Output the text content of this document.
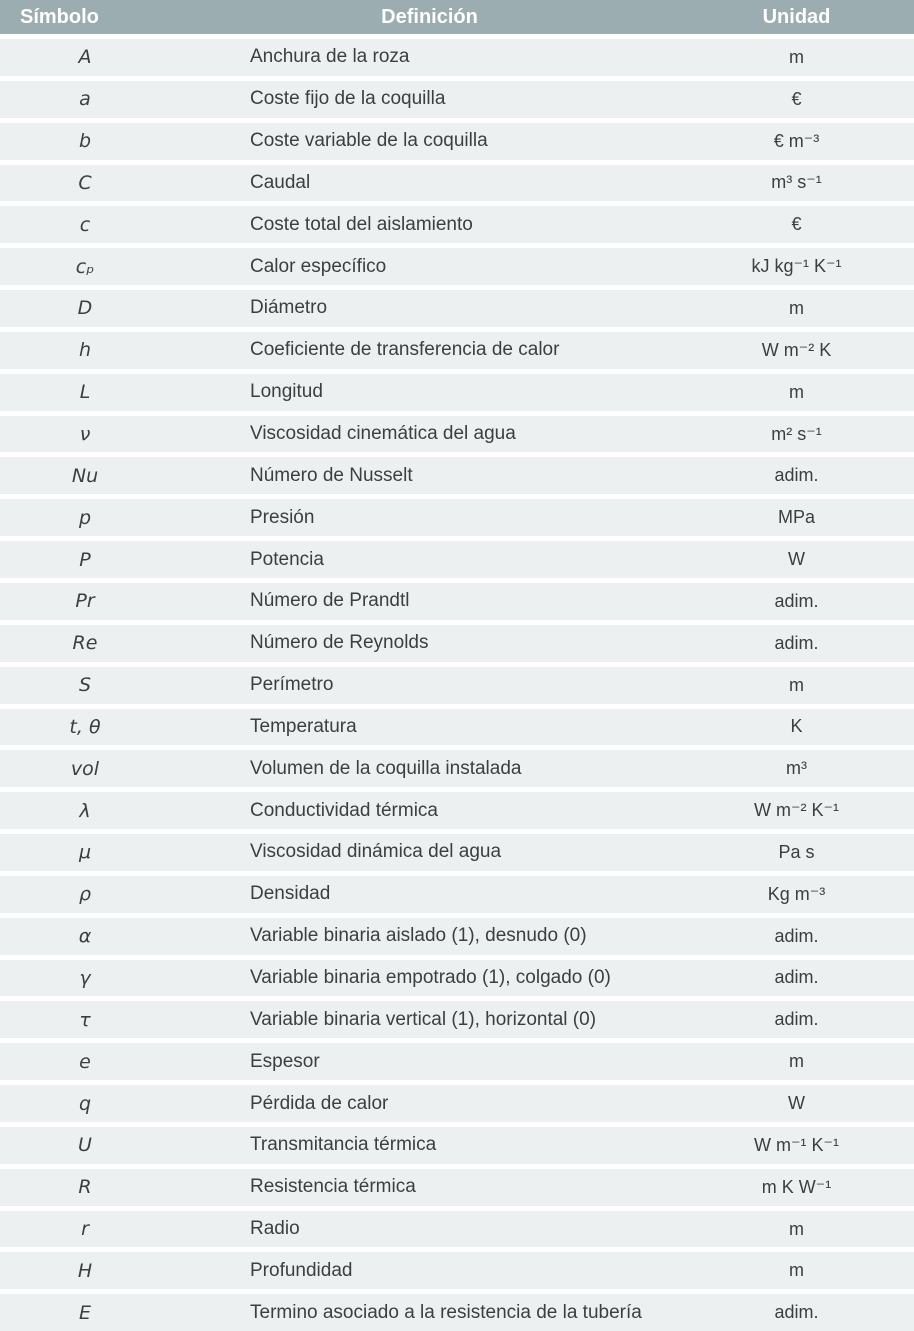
Símbolo	Definición	Unidad
A	Anchura de la roza	m
a	Coste fijo de la coquilla	€
b	Coste variable de la coquilla	€ m⁻³
C	Caudal	m³ s⁻¹
c	Coste total del aislamiento	€
cₚ	Calor específico	kJ kg⁻¹ K⁻¹
D	Diámetro	m
h	Coeficiente de transferencia de calor	W m⁻² K
L	Longitud	m
ν	Viscosidad cinemática del agua	m² s⁻¹
Nu	Número de Nusselt	adim.
p	Presión	MPa
P	Potencia	W
Pr	Número de Prandtl	adim.
Re	Número de Reynolds	adim.
S	Perímetro	m
t, θ	Temperatura	K
vol	Volumen de la coquilla instalada	m³
λ	Conductividad térmica	W m⁻² K⁻¹
μ	Viscosidad dinámica del agua	Pa s
ρ	Densidad	Kg m⁻³
α	Variable binaria aislado (1), desnudo (0)	adim.
γ	Variable binaria empotrado (1), colgado (0)	adim.
τ	Variable binaria vertical (1), horizontal (0)	adim.
e	Espesor	m
q	Pérdida de calor	W
U	Transmitancia térmica	W m⁻¹ K⁻¹
R	Resistencia térmica	m K W⁻¹
r	Radio	m
H	Profundidad	m
E	Termino asociado a la resistencia de la tubería	adim.
